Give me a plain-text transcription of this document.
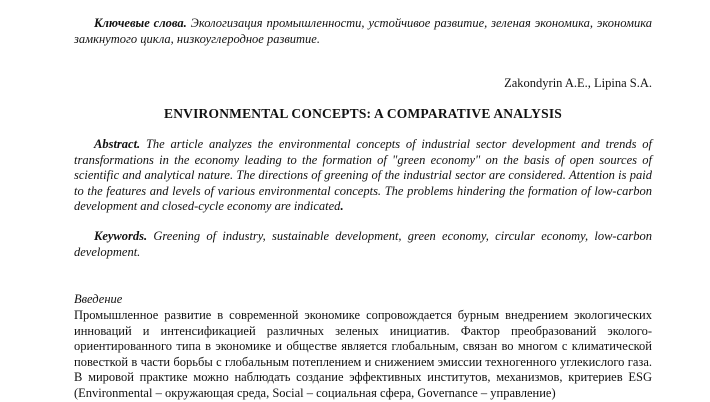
Ключевые слова. Экологизация промышленности, устойчивое развитие, зеленая экономика, экономика замкнутого цикла, низкоуглеродное развитие.
Zakondyrin A.E., Lipina S.A.
ENVIRONMENTAL CONCEPTS: A COMPARATIVE ANALYSIS
Abstract. The article analyzes the environmental concepts of industrial sector development and trends of transformations in the economy leading to the formation of "green economy" on the basis of open sources of scientific and analytical nature. The directions of greening of the industrial sector are considered. Attention is paid to the features and levels of various environmental concepts. The problems hindering the formation of low-carbon development and closed-cycle economy are indicated.
Keywords. Greening of industry, sustainable development, green economy, circular economy, low-carbon development.
Введение
Промышленное развитие в современной экономике сопровождается бурным внедрением экологических инноваций и интенсификацией различных зеленых инициатив. Фактор преобразований эколого-ориентированного типа в экономике и обществе является глобальным, связан во многом с климатической повесткой в части борьбы с глобальным потеплением и снижением эмиссии техногенного углекислого газа. В мировой практике можно наблюдать создание эффективных институтов, механизмов, критериев ESG (Environmental – окружающая среда, Social – социальная сфера, Governance – управление)
